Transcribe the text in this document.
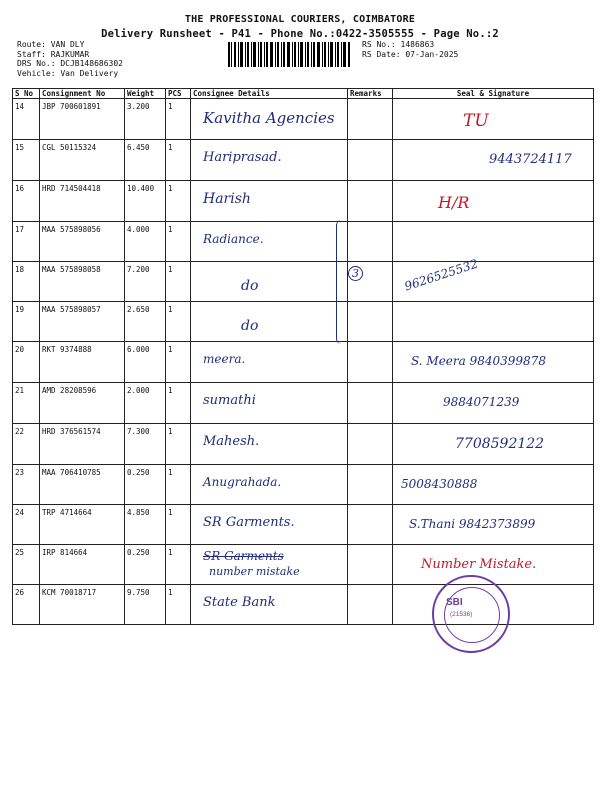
THE PROFESSIONAL COURIERS, COIMBATORE
Delivery Runsheet - P41 - Phone No.:0422-3505555 - Page No.:2
Route: VAN DLY
Staff: RAJKUMAR
DRS No.: DCJB148686302
Vehicle: Van Delivery
RS No.: 1486863
RS Date: 07-Jan-2025
S No	Consignment No	Weight	PCS	Consignee Details	Remarks	Seal & Signature
14	JBP 700601891	3.200	1	Kavitha Agencies		TU

15	CGL 50115324	6.450	1	Hariprasad.		9443724117

16	HRD 714504418	10.400	1	Harish		H/R

17	MAA 575898056	4.000	1	Radiance.		

18	MAA 575898058	7.200	1	do		9626525532

19	MAA 575898057	2.650	1	do		

20	RKT 9374888	6.000	1	meera.		S. Meera 9840399878

21	AMD 28208596	2.000	1	sumathi		9884071239

22	HRD 376561574	7.300	1	Mahesh.		7708592122

23	MAA 706410785	0.250	1	Anugrahada.		5008430888

24	TRP 4714664	4.850	1	SR Garments.		S.Thani 9842373899

25	IRP 814664	0.250	1	SR Garments
number mistake		Number Mistake.

26	KCM 70018717	9.750	1	State Bank		

3
SBI
(21536)
